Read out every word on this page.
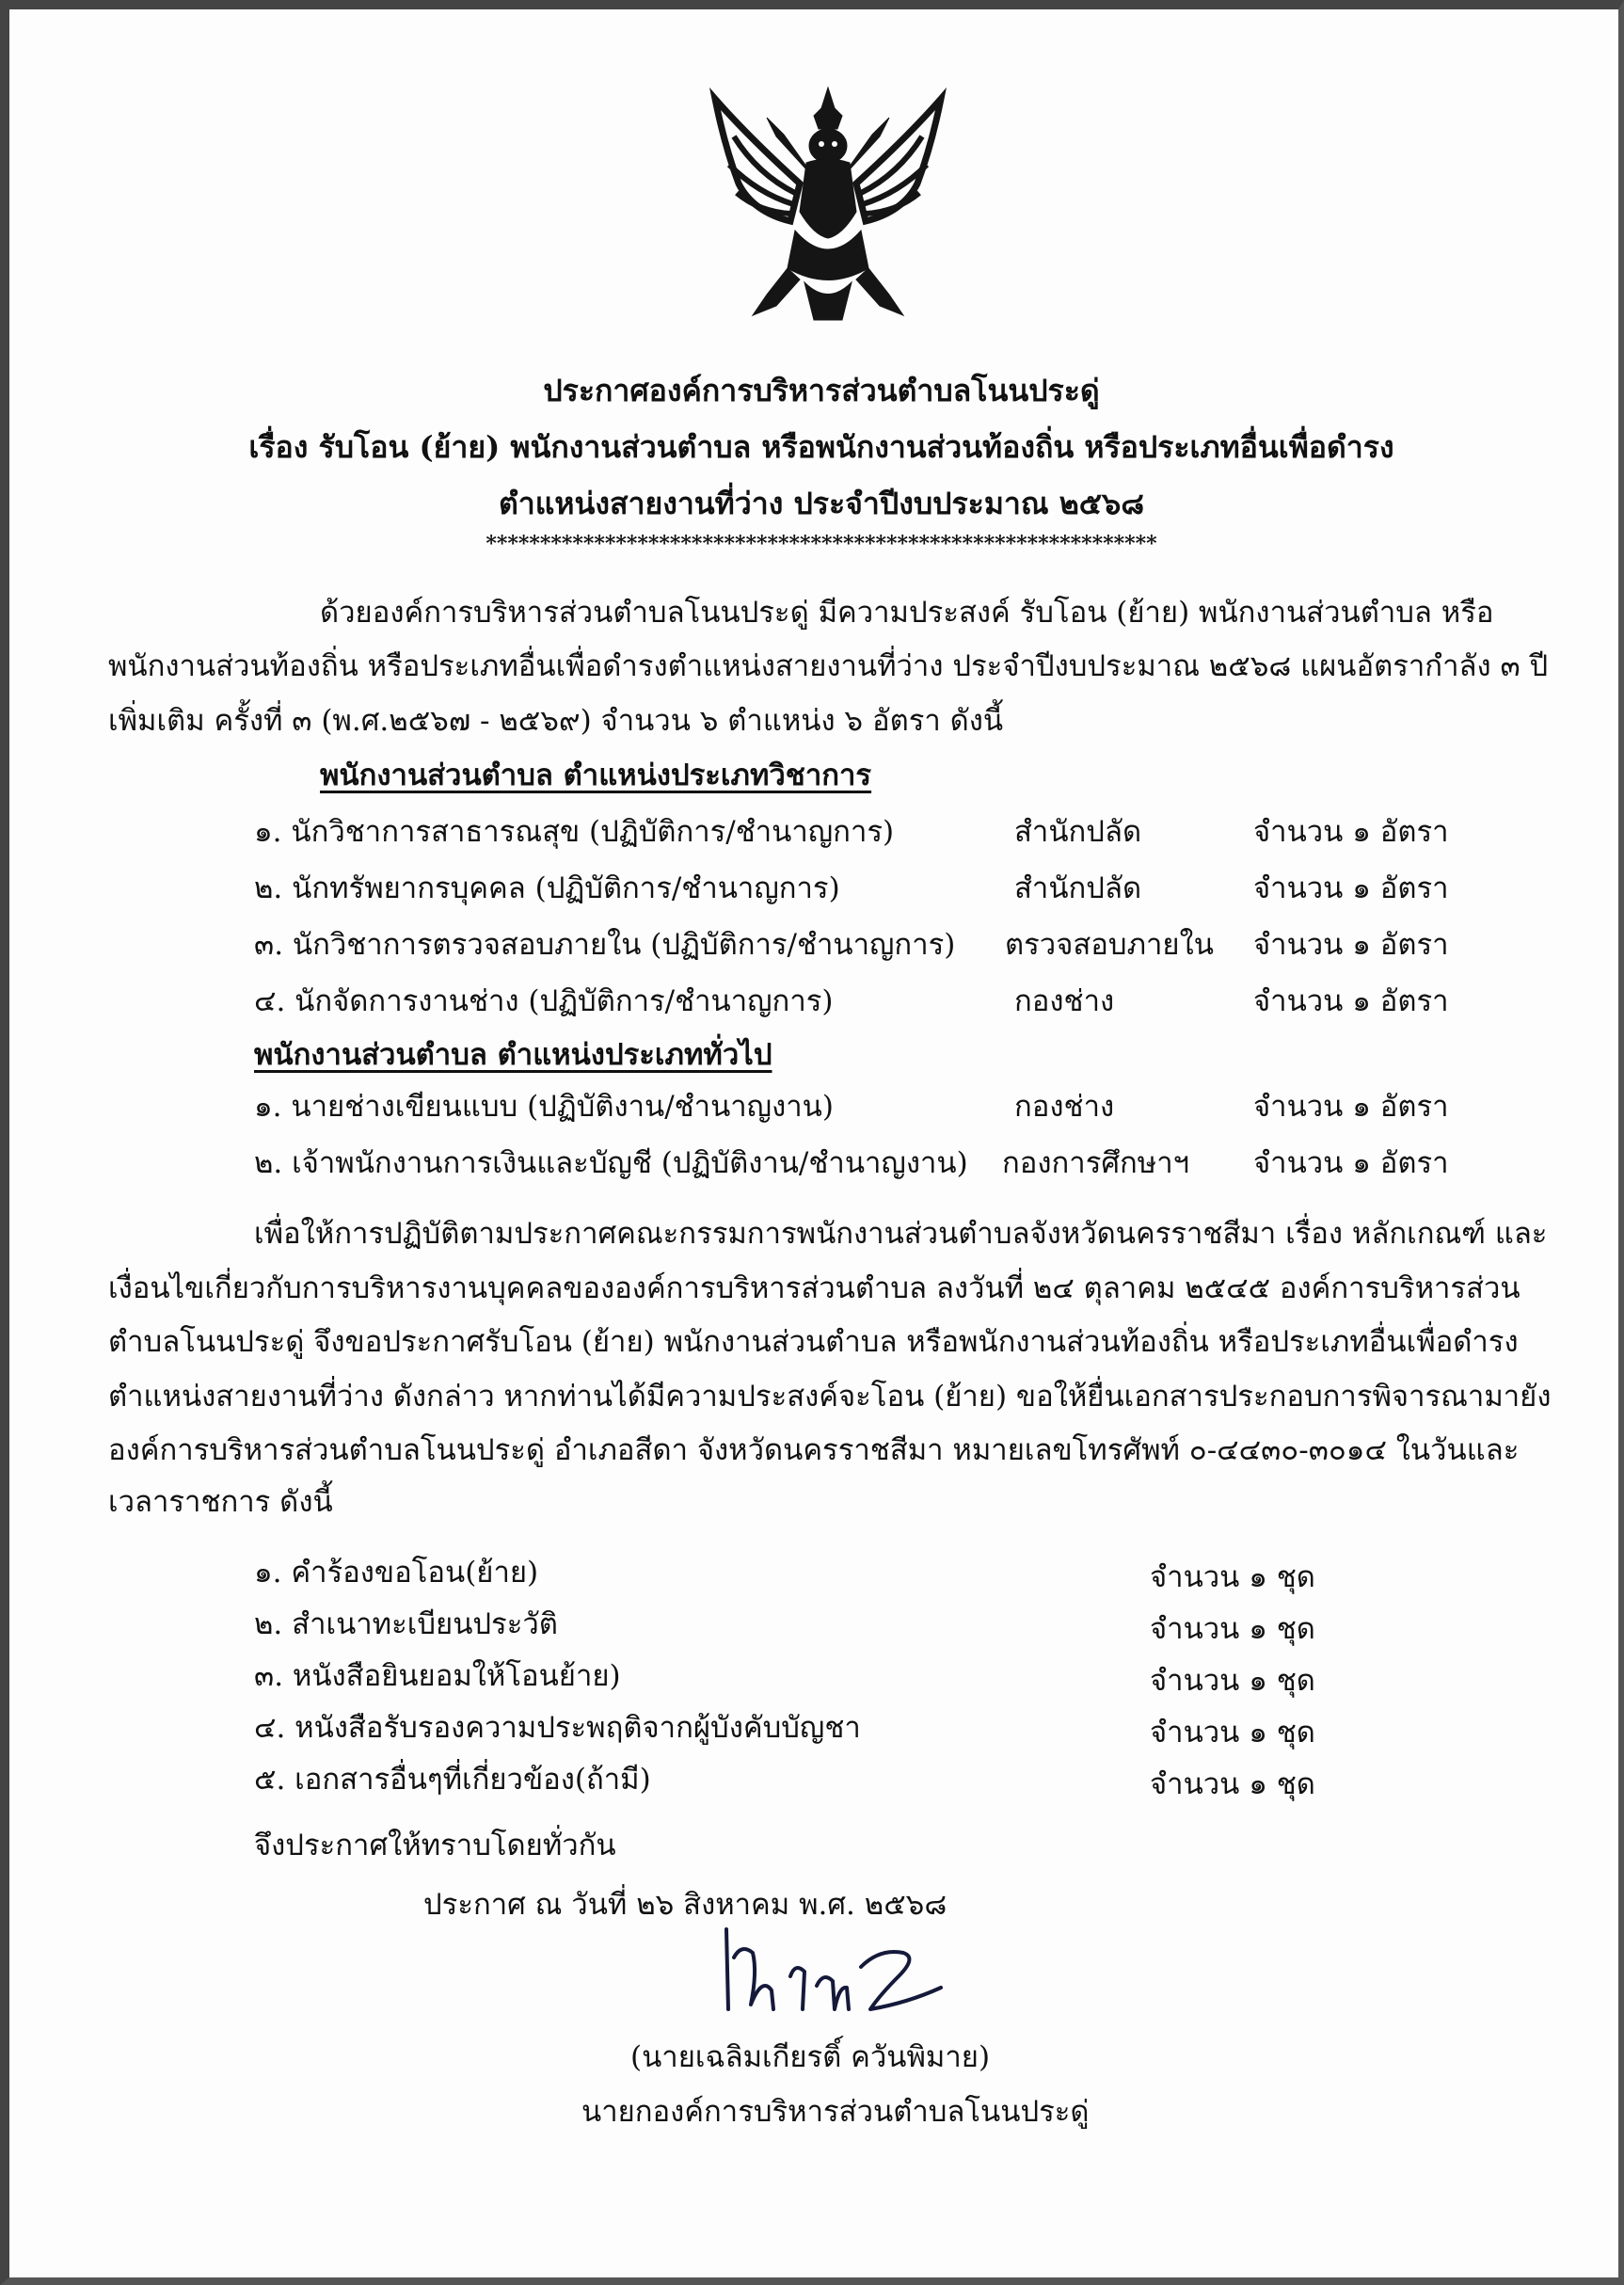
ประกาศองค์การบริหารส่วนตำบลโนนประดู่
เรื่อง รับโอน (ย้าย) พนักงานส่วนตำบล หรือพนักงานส่วนท้องถิ่น หรือประเภทอื่นเพื่อดำรง
ตำแหน่งสายงานที่ว่าง ประจำปีงบประมาณ ๒๕๖๘
**************************************************************
ด้วยองค์การบริหารส่วนตำบลโนนประดู่ มีความประสงค์ รับโอน (ย้าย) พนักงานส่วนตำบล หรือ
พนักงานส่วนท้องถิ่น หรือประเภทอื่นเพื่อดำรงตำแหน่งสายงานที่ว่าง ประจำปีงบประมาณ ๒๕๖๘ แผนอัตรากำลัง ๓ ปี
เพิ่มเติม ครั้งที่ ๓ (พ.ศ.๒๕๖๗ - ๒๕๖๙) จำนวน ๖ ตำแหน่ง ๖ อัตรา ดังนี้
พนักงานส่วนตำบล ตำแหน่งประเภทวิชาการ
๑. นักวิชาการสาธารณสุข (ปฏิบัติการ/ชำนาญการ)	สำนักปลัด	จำนวน ๑ อัตรา
๒. นักทรัพยากรบุคคล (ปฏิบัติการ/ชำนาญการ)	สำนักปลัด	จำนวน ๑ อัตรา
๓. นักวิชาการตรวจสอบภายใน (ปฏิบัติการ/ชำนาญการ) ตรวจสอบภายใน จำนวน ๑ อัตรา
๔. นักจัดการงานช่าง (ปฏิบัติการ/ชำนาญการ)	กองช่าง	จำนวน ๑ อัตรา
พนักงานส่วนตำบล ตำแหน่งประเภททั่วไป
๑. นายช่างเขียนแบบ (ปฏิบัติงาน/ชำนาญงาน)	กองช่าง	จำนวน ๑ อัตรา
๒. เจ้าพนักงานการเงินและบัญชี (ปฏิบัติงาน/ชำนาญงาน) กองการศึกษาฯ จำนวน ๑ อัตรา
เพื่อให้การปฏิบัติตามประกาศคณะกรรมการพนักงานส่วนตำบลจังหวัดนครราชสีมา เรื่อง หลักเกณฑ์ และ
เงื่อนไขเกี่ยวกับการบริหารงานบุคคลขององค์การบริหารส่วนตำบล ลงวันที่ ๒๔ ตุลาคม ๒๕๔๕ องค์การบริหารส่วน
ตำบลโนนประดู่ จึงขอประกาศรับโอน (ย้าย) พนักงานส่วนตำบล หรือพนักงานส่วนท้องถิ่น หรือประเภทอื่นเพื่อดำรง
ตำแหน่งสายงานที่ว่าง ดังกล่าว หากท่านได้มีความประสงค์จะโอน (ย้าย) ขอให้ยื่นเอกสารประกอบการพิจารณามายัง
องค์การบริหารส่วนตำบลโนนประดู่ อำเภอสีดา จังหวัดนครราชสีมา หมายเลขโทรศัพท์ ๐-๔๔๓๐-๓๐๑๔ ในวันและ
เวลาราชการ ดังนี้
๑. คำร้องขอโอน(ย้าย)	จำนวน ๑ ชุด
๒. สำเนาทะเบียนประวัติ	จำนวน ๑ ชุด
๓. หนังสือยินยอมให้โอนย้าย)	จำนวน ๑ ชุด
๔. หนังสือรับรองความประพฤติจากผู้บังคับบัญชา	จำนวน ๑ ชุด
๕. เอกสารอื่นๆที่เกี่ยวข้อง(ถ้ามี)	จำนวน ๑ ชุด
จึงประกาศให้ทราบโดยทั่วกัน
ประกาศ ณ วันที่ ๒๖ สิงหาคม พ.ศ. ๒๕๖๘
(นายเฉลิมเกียรติ์ ควันพิมาย)
นายกองค์การบริหารส่วนตำบลโนนประดู่
